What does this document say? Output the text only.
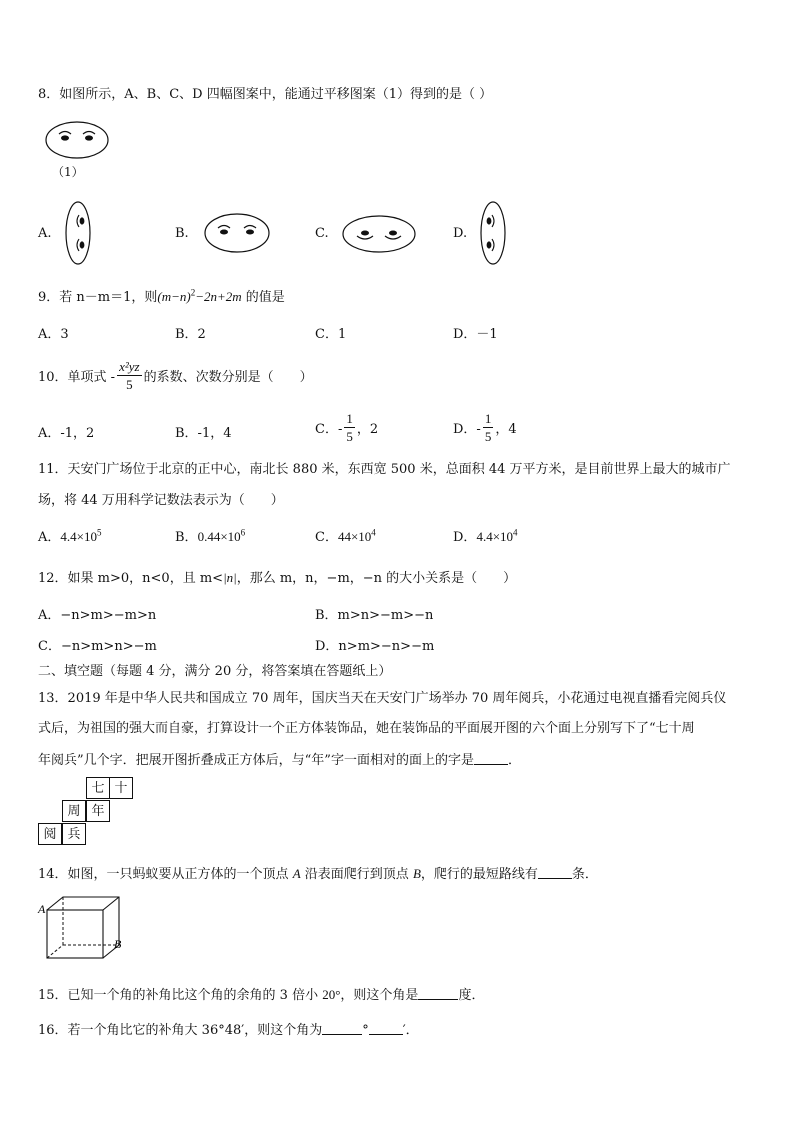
8．如图所示，A、B、C、D 四幅图案中，能通过平移图案（1）得到的是（ ）
（1）
A.	B.	C.	D.
9．若 n－m＝1，则$(m-n)^2-2n+2m$ 的值是
A．3	B．2	C．1	D．－1
10．单项式 - $\frac{\text{x²yz}}{5}$ 的系数、次数分别是（　　）
A．-1，2	B．-1，4	C．- $\frac{1}{5}$ ，2	D．- $\frac{1}{5}$ ，4
11．天安门广场位于北京的正中心，南北长 880 米，东西宽 500 米，总面积 44 万平方米，是目前世界上最大的城市广
场，将 44 万用科学记数法表示为（　　）
A．$4.4\times 10^5$	B．$0.44\times 10^6$	C．$44\times 10^4$	D．$4.4\times 10^4$
12．如果 m>0，n<0，且 m<|n|，那么 m，n，−m，−n 的大小关系是（　　）
A．−n>m>−m>n	B．m>n>−m>−n
C．−n>m>n>−m	D．n>m>−n>−m
二、填空题（每题 4 分，满分 20 分，将答案填在答题纸上）
13．2019 年是中华人民共和国成立 70 周年，国庆当天在天安门广场举办 70 周年阅兵，小花通过电视直播看完阅兵仪
式后，为祖国的强大而自豪，打算设计一个正方体装饰品，她在装饰品的平面展开图的六个面上分别写下了“七十周
年阅兵”几个字．把展开图折叠成正方体后，与“年”字一面相对的面上的字是	．
七 十
周 年
阅 兵
14．如图，一只蚂蚁要从正方体的一个顶点 A 沿表面爬行到顶点 B，爬行的最短路线有	条．
A
B
15．已知一个角的补角比这个角的余角的 3 倍小 20°，则这个角是	度．
16．若一个角比它的补角大 36°48′，则这个角为	°	′．
